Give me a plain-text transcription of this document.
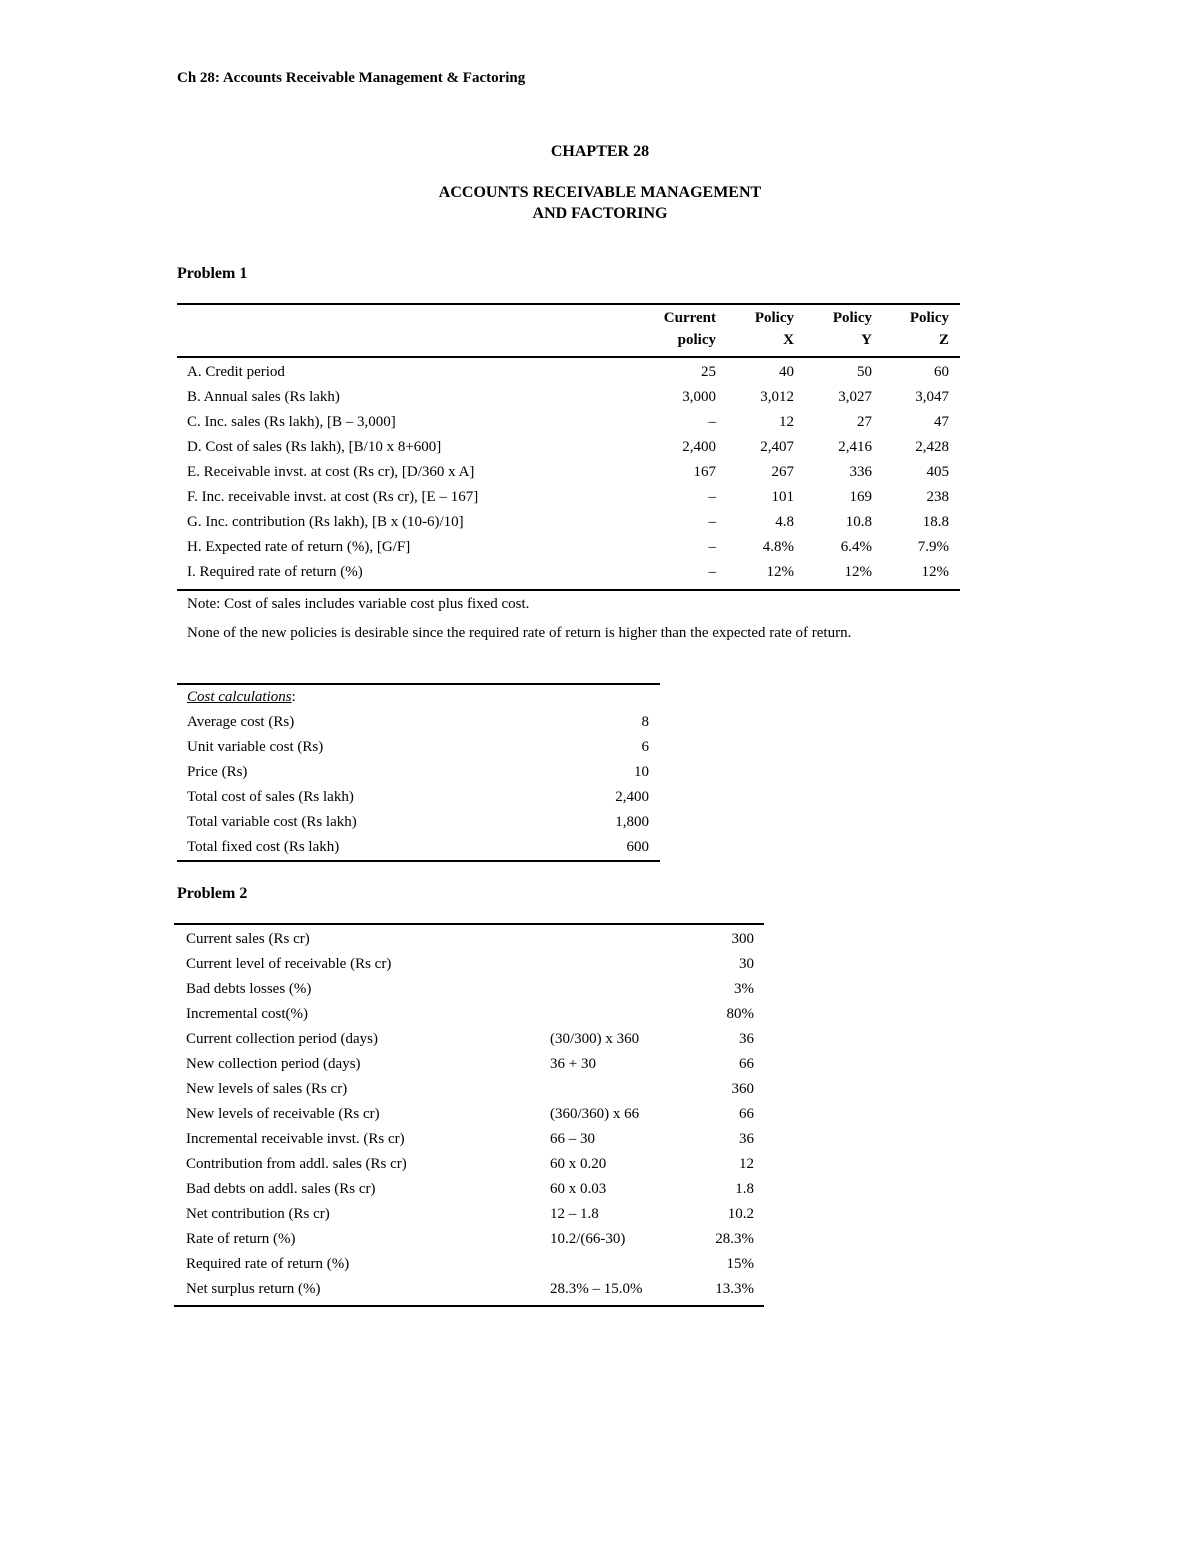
Ch 28: Accounts Receivable Management & Factoring
CHAPTER 28
ACCOUNTS RECEIVABLE MANAGEMENT
AND FACTORING
Problem 1
	Current	Policy	Policy	Policy
	policy	X	Y	Z
A. Credit period	25	40	50	60
B. Annual sales (Rs lakh)	3,000	3,012	3,027	3,047
C. Inc. sales (Rs lakh), [B – 3,000]	–	12	27	47
D. Cost of sales (Rs lakh), [B/10 x 8+600]	2,400	2,407	2,416	2,428
E. Receivable invst. at cost (Rs cr), [D/360 x A]	167	267	336	405
F. Inc. receivable invst. at cost (Rs cr), [E – 167]	–	101	169	238
G. Inc. contribution (Rs lakh), [B x (10-6)/10]	–	4.8	10.8	18.8
H. Expected rate of return (%), [G/F]	–	4.8%	6.4%	7.9%
I. Required rate of return (%)	–	12%	12%	12%
Note: Cost of sales includes variable cost plus fixed cost.
None of the new policies is desirable since the required rate of return is higher than the expected rate of return.
Cost calculations:	
Average cost (Rs)	8
Unit variable cost (Rs)	6
Price (Rs)	10
Total cost of sales (Rs lakh)	2,400
Total variable cost (Rs lakh)	1,800
Total fixed cost (Rs lakh)	600
Problem 2
Current sales (Rs cr)		300
Current level of receivable (Rs cr)		30
Bad debts losses (%)		3%
Incremental cost(%)		80%
Current collection period (days)	(30/300) x 360	36
New collection period (days)	36 + 30	66
New levels of sales (Rs cr)		360
New levels of receivable (Rs cr)	(360/360) x 66	66
Incremental receivable invst. (Rs cr)	66 – 30	36
Contribution from addl. sales (Rs cr)	60 x 0.20	12
Bad debts on addl. sales (Rs cr)	60 x 0.03	1.8
Net contribution (Rs cr)	12 – 1.8	10.2
Rate of return (%)	10.2/(66-30)	28.3%
Required rate of return (%)		15%
Net surplus return (%)	28.3% – 15.0%	13.3%
